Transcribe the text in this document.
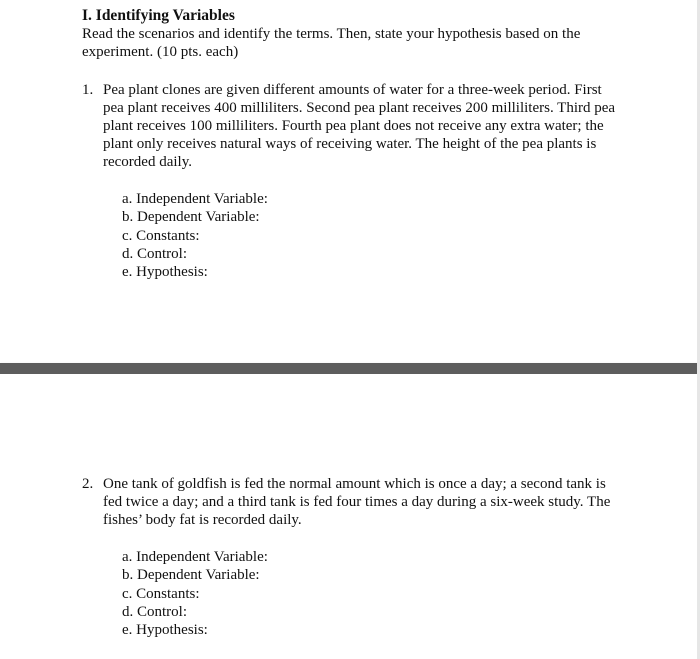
I. Identifying Variables

Read the scenarios and identify the terms. Then, state your hypothesis based on the experiment. (10 pts. each)

1. Pea plant clones are given different amounts of water for a three-week period. First pea plant receives 400 milliliters. Second pea plant receives 200 milliliters. Third pea plant receives 100 milliliters. Fourth pea plant does not receive any extra water; the plant only receives natural ways of receiving water. The height of the pea plants is recorded daily.

a. Independent Variable:
b. Dependent Variable:
c. Constants:
d. Control:
e. Hypothesis:
2. One tank of goldfish is fed the normal amount which is once a day; a second tank is fed twice a day; and a third tank is fed four times a day during a six-week study. The fishes’ body fat is recorded daily.

a. Independent Variable:
b. Dependent Variable:
c. Constants:
d. Control:
e. Hypothesis:
